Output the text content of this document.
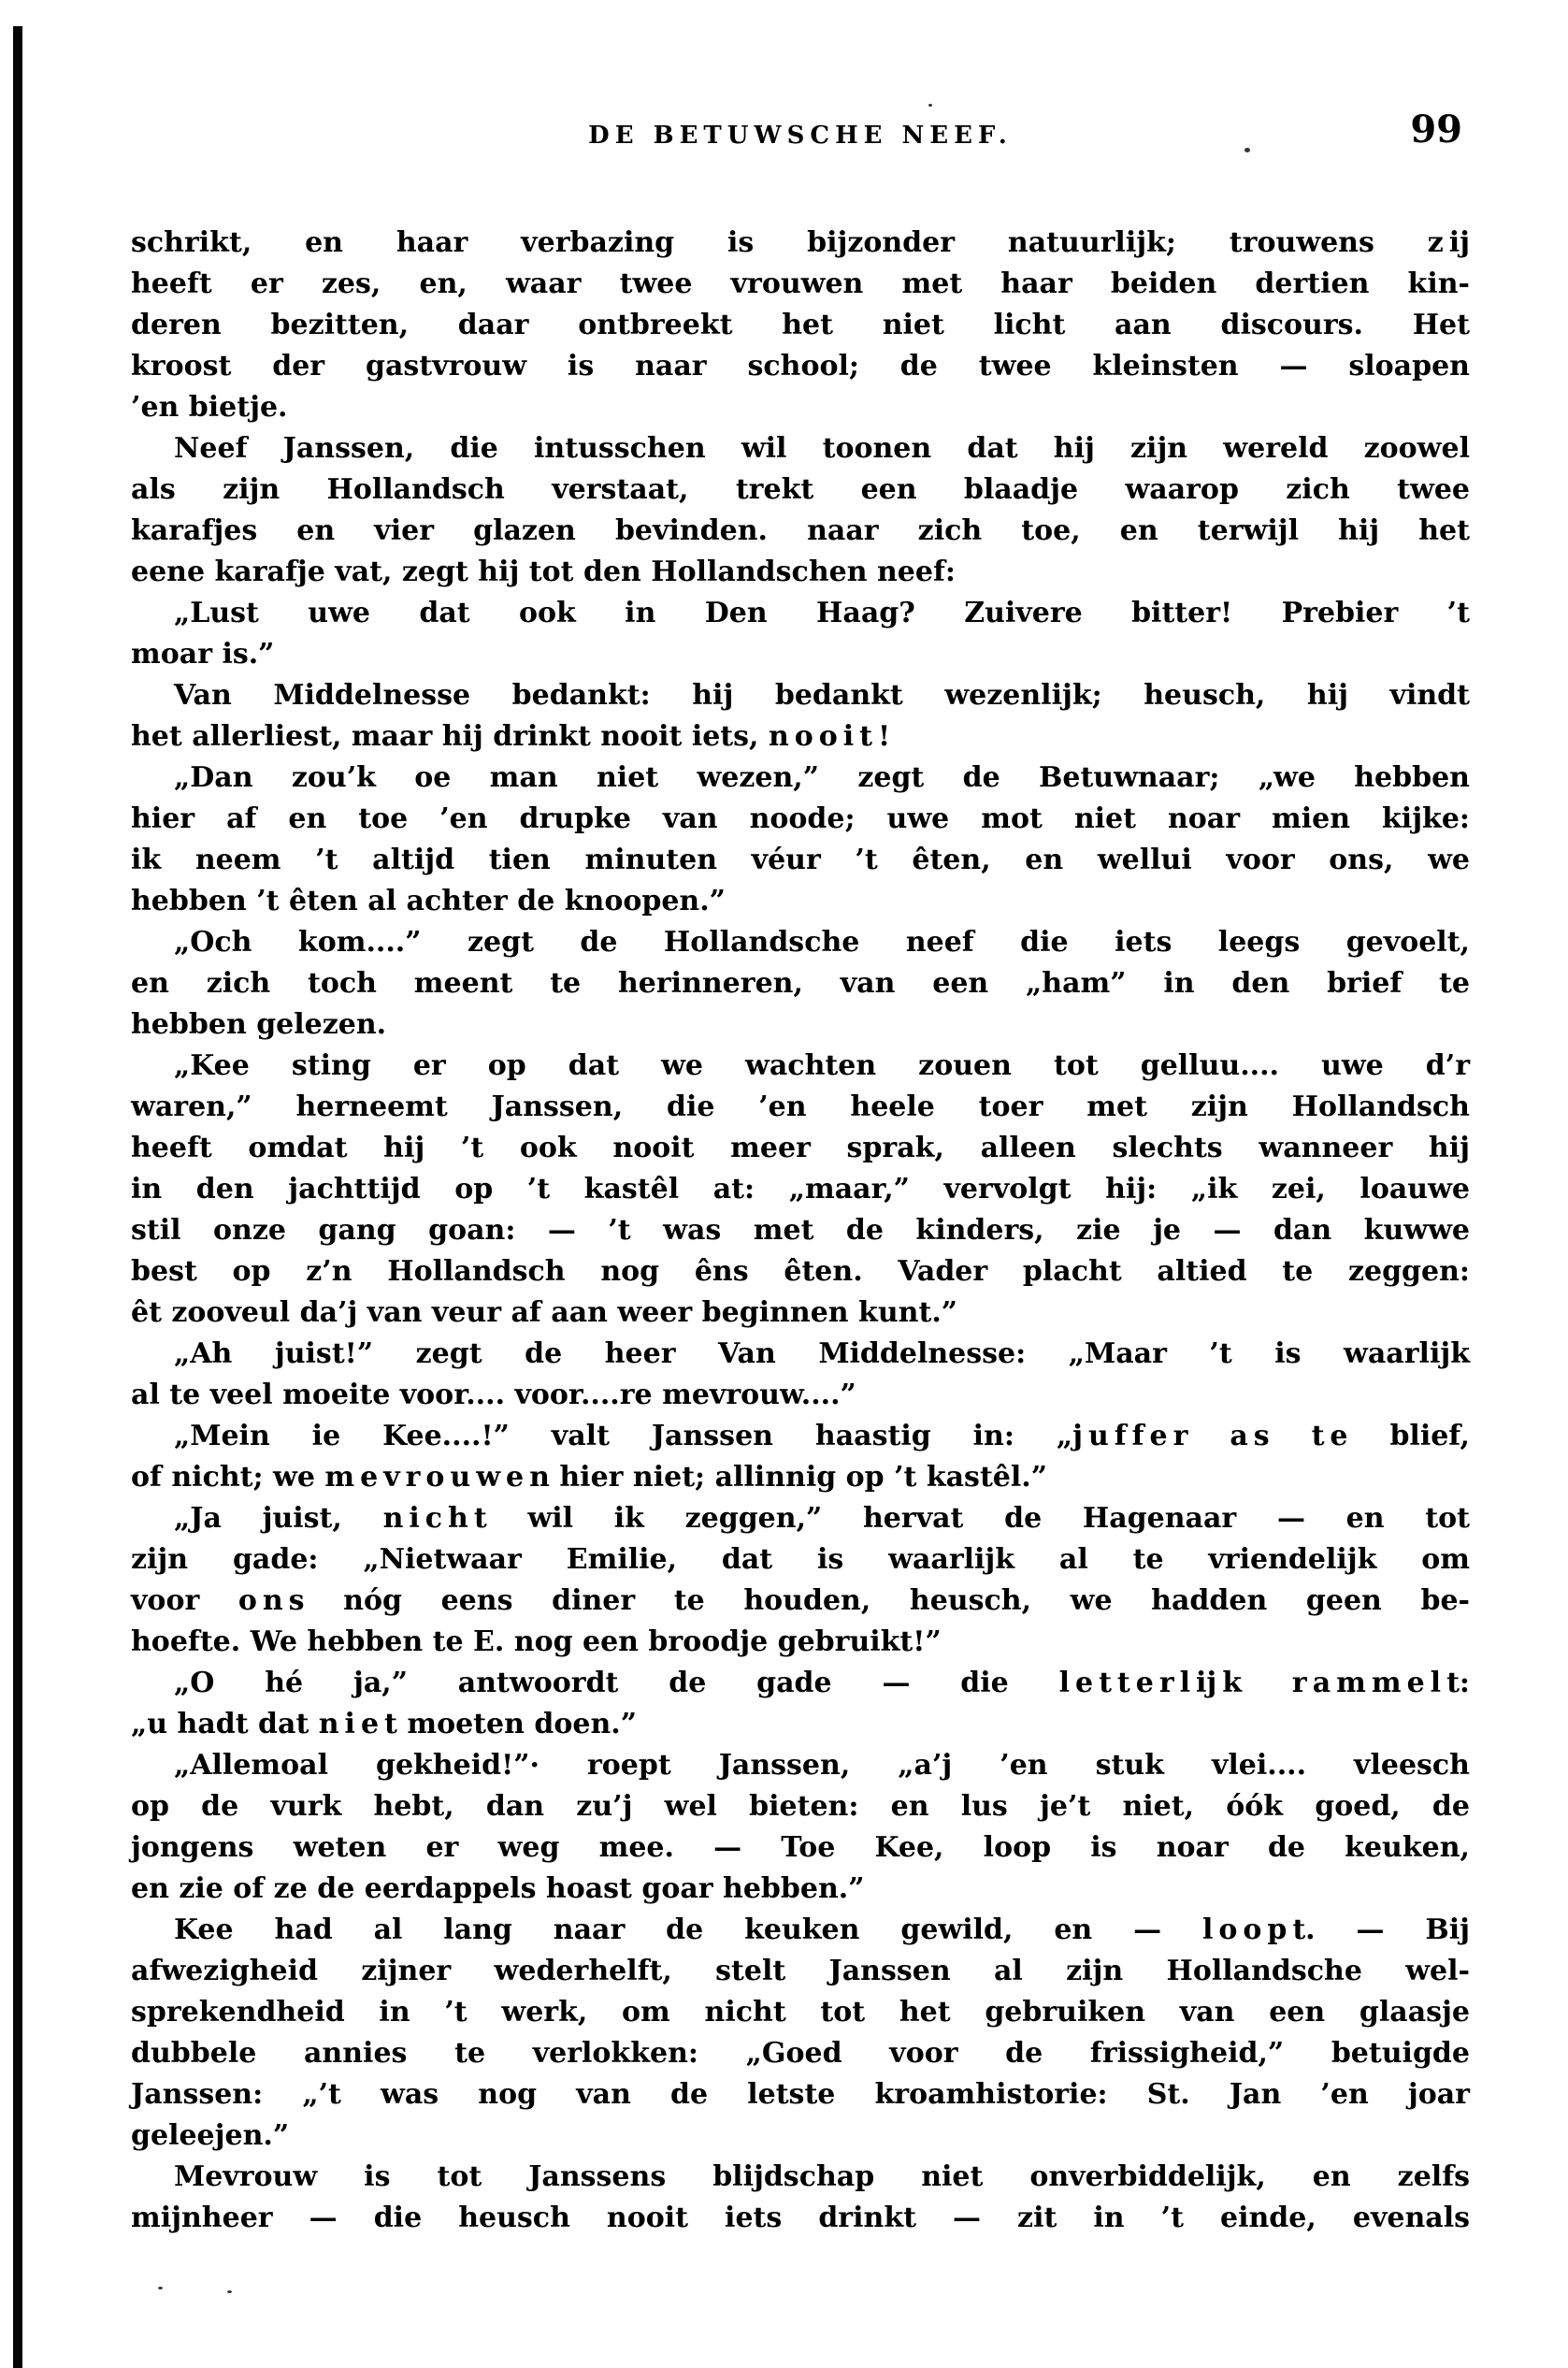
DE BETUWSCHE NEEF.	99
schrikt, en haar verbazing is bijzonder natuurlijk; trouwens z ij
heeft er zes, en, waar twee vrouwen met haar beiden dertien kin-
deren bezitten, daar ontbreekt het niet licht aan discours. Het
kroost der gastvrouw is naar school; de twee kleinsten — sloapen
’en bietje.
Neef Janssen, die intusschen wil toonen dat hij zijn wereld zoowel
als zijn Hollandsch verstaat, trekt een blaadje waarop zich twee
karafjes en vier glazen bevinden. naar zich toe, en terwijl hij het
eene karafje vat, zegt hij tot den Hollandschen neef:
„Lust uwe dat ook in Den Haag? Zuivere bitter! Prebier ’t
moar is.”
Van Middelnesse bedankt: hij bedankt wezenlijk; heusch, hij vindt
het allerliest, maar hij drinkt nooit iets, n o o i t !
„Dan zou’k oe man niet wezen,” zegt de Betuwnaar; „we hebben
hier af en toe ’en drupke van noode; uwe mot niet noar mien kijke:
ik neem ’t altijd tien minuten véur ’t êten, en wellui voor ons, we
hebben ’t êten al achter de knoopen.”
„Och kom....” zegt de Hollandsche neef die iets leegs gevoelt,
en zich toch meent te herinneren, van een „ham” in den brief te
hebben gelezen.
„Kee sting er op dat we wachten zouen tot gelluu.... uwe d’r
waren,” herneemt Janssen, die ’en heele toer met zijn Hollandsch
heeft omdat hij ’t ook nooit meer sprak, alleen slechts wanneer hij
in den jachttijd op ’t kastêl at: „maar,” vervolgt hij: „ik zei, loauwe
stil onze gang goan: — ’t was met de kinders, zie je — dan kuwwe
best op z’n Hollandsch nog êns êten. Vader placht altied te zeggen:
êt zooveul da’j van veur af aan weer beginnen kunt.”
„Ah juist!” zegt de heer Van Middelnesse: „Maar ’t is waarlijk
al te veel moeite voor.... voor....re mevrouw....”
„Mein ie Kee....!” valt Janssen haastig in: „j u f f e r a s t e blief,
of nicht; we m e v r o u w e n hier niet; allinnig op ’t kastêl.”
„Ja juist, n i c h t wil ik zeggen,” hervat de Hagenaar — en tot
zijn gade: „Nietwaar Emilie, dat is waarlijk al te vriendelijk om
voor o n s nóg eens diner te houden, heusch, we hadden geen be-
hoefte. We hebben te E. nog een broodje gebruikt!”
„O hé ja,” antwoordt de gade — die l e t t e r l ij k r a m m e l t:
„u hadt dat n i e t moeten doen.”
„Allemoal gekheid!”· roept Janssen, „a’j ’en stuk vlei.... vleesch
op de vurk hebt, dan zu’j wel bieten: en lus je’t niet, óók goed, de
jongens weten er weg mee. — Toe Kee, loop is noar de keuken,
en zie of ze de eerdappels hoast goar hebben.”
Kee had al lang naar de keuken gewild, en — l o o p t. — Bij
afwezigheid zijner wederhelft, stelt Janssen al zijn Hollandsche wel-
sprekendheid in ’t werk, om nicht tot het gebruiken van een glaasje
dubbele annies te verlokken: „Goed voor de frissigheid,” betuigde
Janssen: „’t was nog van de letste kroamhistorie: St. Jan ’en joar
geleejen.”
Mevrouw is tot Janssens blijdschap niet onverbiddelijk, en zelfs
mijnheer — die heusch nooit iets drinkt — zit in ’t einde, evenals
